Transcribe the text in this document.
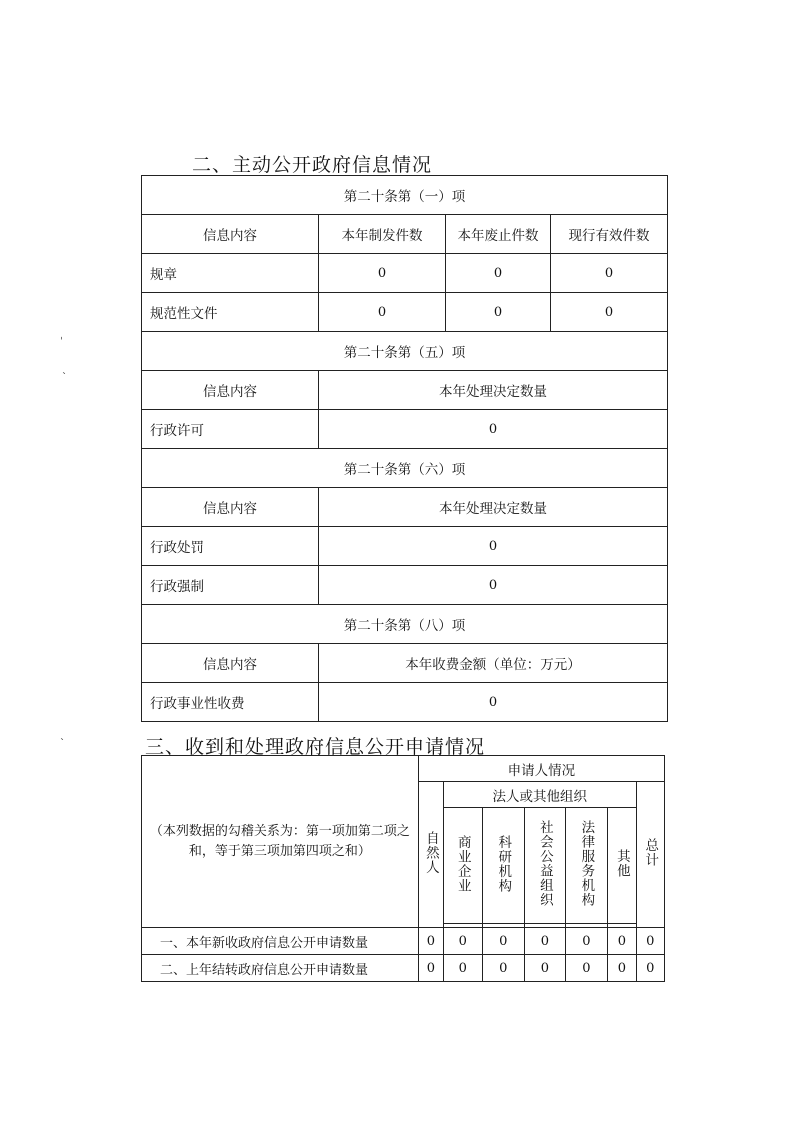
二、主动公开政府信息情况
第二十条第（一）项			
信息内容	本年制发件数	本年废止件数	现行有效件数
规章	0	0	0
规范性文件	0	0	0
第二十条第（五）项			
信息内容	本年处理决定数量		
行政许可	0		
第二十条第（六）项			
信息内容	本年处理决定数量		
行政处罚	0		
行政强制	0		
第二十条第（八）项			
信息内容	本年收费金额（单位：万元）		
行政事业性收费	0		
三、收到和处理政府信息公开申请情况
（本列数据的勾稽关系为：第一项加第二项之和，等于第三项加第四项之和）	申请人情况						
	自然人	法人或其他组织					总计
		商业企业	科研机构	社会公益组织	法律服务机构	其他	

一、本年新收政府信息公开申请数量	0	0	0	0	0	0	0
二、上年结转政府信息公开申请数量	0	0	0	0	0	0	0
ˌ
ˋ
ˋ
